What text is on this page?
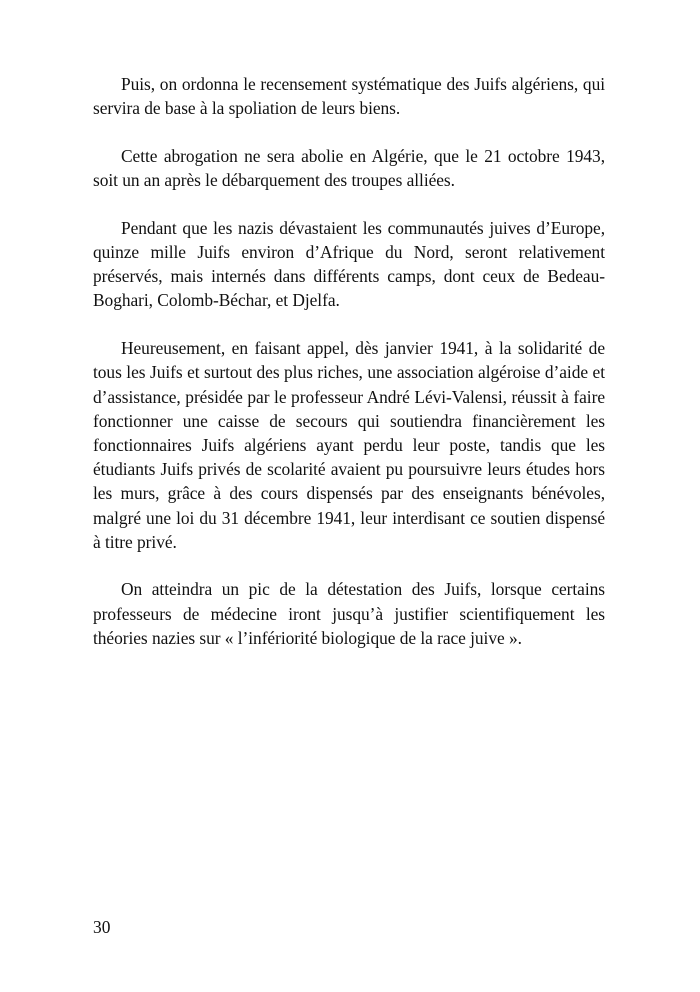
Puis, on ordonna le recensement systématique des Juifs algériens, qui servira de base à la spoliation de leurs biens.

Cette abrogation ne sera abolie en Algérie, que le 21 octobre 1943, soit un an après le débarquement des troupes alliées.

Pendant que les nazis dévastaient les communautés juives d’Europe, quinze mille Juifs environ d’Afrique du Nord, seront relativement préservés, mais internés dans différents camps, dont ceux de Bedeau-Boghari, Colomb-Béchar, et Djelfa.

Heureusement, en faisant appel, dès janvier 1941, à la solidarité de tous les Juifs et surtout des plus riches, une association algéroise d’aide et d’assistance, présidée par le professeur André Lévi-Valensi, réussit à faire fonctionner une caisse de secours qui soutiendra financièrement les fonctionnaires Juifs algériens ayant perdu leur poste, tandis que les étudiants Juifs privés de scolarité avaient pu poursuivre leurs études hors les murs, grâce à des cours dispensés par des enseignants bénévoles, malgré une loi du 31 décembre 1941, leur interdisant ce soutien dispensé à titre privé.

On atteindra un pic de la détestation des Juifs, lorsque certains professeurs de médecine iront jusqu’à justifier scientifiquement les théories nazies sur « l’infériorité biologique de la race juive ».

30
